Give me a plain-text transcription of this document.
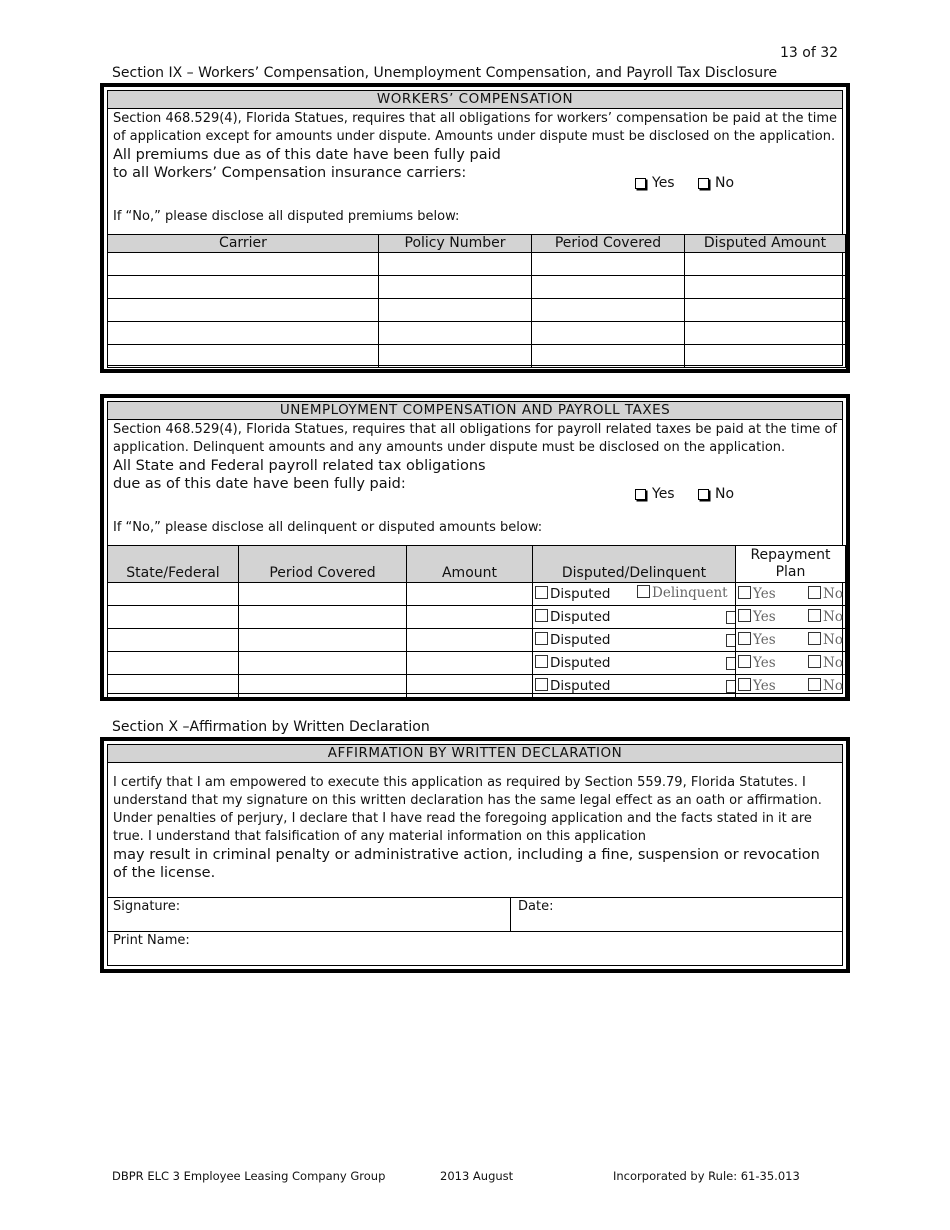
13 of 32
Section IX – Workers’ Compensation, Unemployment Compensation, and Payroll Tax Disclosure
WORKERS’ COMPENSATION
Section 468.529(4), Florida Statues, requires that all obligations for workers’ compensation be paid at the time of application except for amounts under dispute. Amounts under dispute must be disclosed on the application.
All premiums due as of this date have been fully paid
to all Workers’ Compensation insurance carriers:
Yes	No
If “No,” please disclose all disputed premiums below:
Carrier	Policy Number	Period Covered	Disputed Amount

UNEMPLOYMENT COMPENSATION AND PAYROLL TAXES
Section 468.529(4), Florida Statues, requires that all obligations for payroll related taxes be paid at the time of application. Delinquent amounts and any amounts under dispute must be disclosed on the application.
All State and Federal payroll related tax obligations
due as of this date have been fully paid:
Yes	No
If “No,” please disclose all delinquent or disputed amounts below:
State/Federal	Period Covered	Amount	Disputed/Delinquent	Repayment
Plan

			Disputed Delinquent	Yes No

			Disputed	Yes No

			Disputed	Yes No

			Disputed	Yes No

			Disputed	Yes No
Section X –Affirmation by Written Declaration
AFFIRMATION BY WRITTEN DECLARATION
I certify that I am empowered to execute this application as required by Section 559.79, Florida Statutes. I understand that my signature on this written declaration has the same legal effect as an oath or affirmation. Under penalties of perjury, I declare that I have read the foregoing application and the facts stated in it are true. I understand that falsification of any material information on this application
may result in criminal penalty or administrative action, including a fine, suspension or revocation of the license.
Signature:	Date:
Print Name:
DBPR ELC 3 Employee Leasing Company Group	2013 August	Incorporated by Rule: 61-35.013
